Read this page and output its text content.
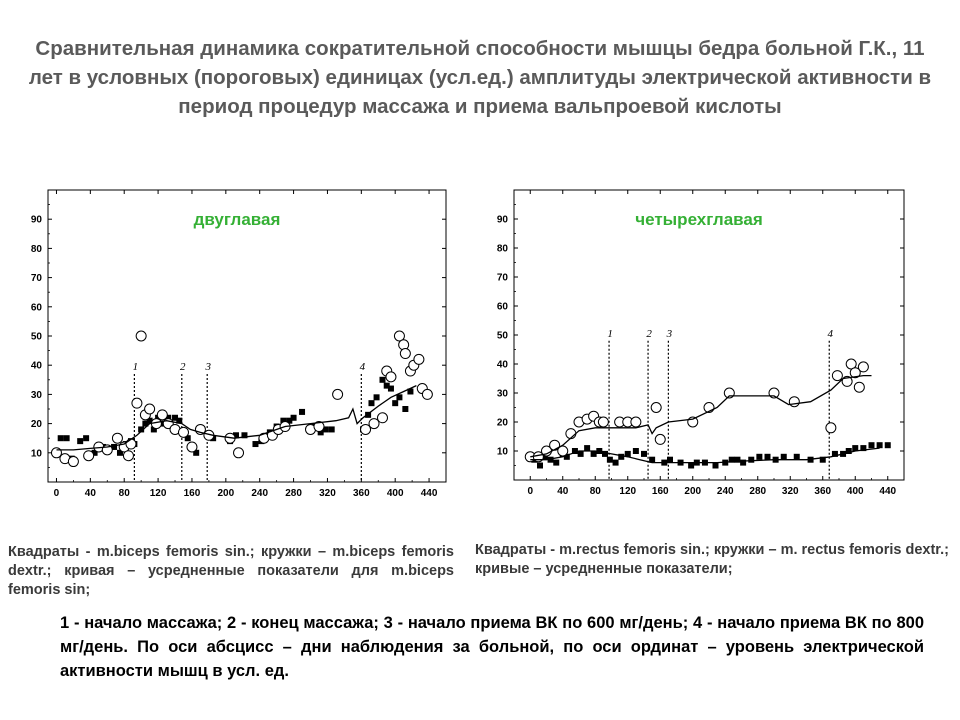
Сравнительная динамика сократительной способности мышцы бедра больной Г.К., 11 лет в условных (пороговых) единицах (усл.ед.) амплитуды электрической активности в период процедур массажа и приема вальпроевой кислоты
10
20
30
40
50
60
70
80
90
0	40 80 120 160 200 240 280 320 360 400 440
двуглавая
1	2 3	4
10
20
30
40
50
60
70
80
90
0 40 80 120 160 200 240 280 320 360 400 440
четырехглавая
1	2 3	4

Квадраты - m.biceps femoris sin.; кружки – m.biceps femoris dextr.; кривая – усредненные показатели для m.biceps femoris sin;

Квадраты - m.rectus femoris sin.; кружки – m. rectus femoris dextr.; кривые – усредненные показатели;

1 - начало массажа; 2 - конец массажа; 3 - начало приема ВК по 600 мг/день; 4 - начало приема ВК по 800 мг/день. По оси абсцисс – дни наблюдения за больной, по оси ординат – уровень электрической активности мышц в усл. ед.
